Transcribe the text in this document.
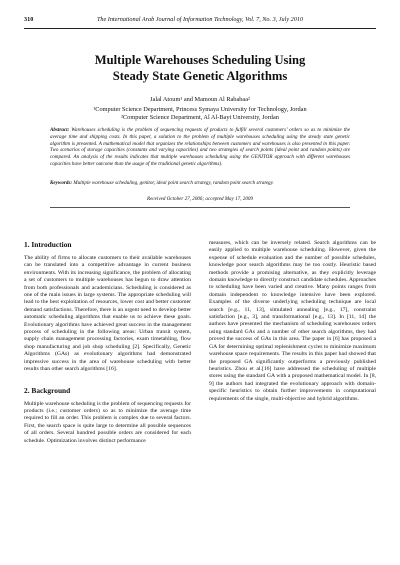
310	The International Arab Journal of Information Technology, Vol. 7, No. 3, July 2010
Multiple Warehouses Scheduling Using
Steady State Genetic Algorithms
Jalal Atoum¹ and Mamoun Al Rababaa²
¹Computer Science Department, Princess Symaya University for Technology, Jordan
²Computer Science Department, Al Al-Bayt University, Jordan
Abstract: Warehouses scheduling is the problem of sequencing requests of products to fulfill several customers’ orders so as to minimize the average time and shipping costs. In this paper, a solution to the problem of multiple warehouses scheduling using the steady state genetic algorithm is presented. A mathematical model that organizes the relationships between customers and warehouses is also presented in this paper. Two scenarios of storage capacities (constants and varying capacities) and two strategies of search points (ideal point and random points) are compared. An analysis of the results indicates that multiple warehouses scheduling using the GENITOR approach with different warehouses capacities have better outcome than the usage of the traditional genetic algorithms).
Keywords: Multiple warehouse scheduling, genitor, ideal point search strategy, random point search strategy.
Received October 27, 2006; accepted May 17, 2009
1. Introduction
The ability of firms to allocate customers to their available warehouses can be translated into a competitive advantage in current business environments. With its increasing significance, the problem of allocating a set of customers to multiple warehouses has begun to draw attention from both professionals and academicians. Scheduling is considered as one of the main issues in large systems. The appropriate scheduling will lead to the best exploitation of resources, lower cost and better customer demand satisfactions. Therefore, there is an urgent need to develop better automatic scheduling algorithms that enable us to achieve these goals. Evolutionary algorithms have achieved great success in the management process of scheduling in the following areas: Urban transit system, supply chain management processing factories, exam timetabling, flow shop manufacturing and job shop scheduling [2]. Specifically, Genetic Algorithms (GAs) as evolutionary algorithms had demonstrated impressive success in the area of warehouse scheduling with better results than other search algorithms [16].
2. Background
Multiple warehouse scheduling is the problem of sequencing requests for products (i.e.; customer orders) so as to minimize the average time required to fill an order. This problem is complex due to several factors. First, the search space is quite large to determine all possible sequences of all orders. Several hundred possible orders are considered for each schedule. Optimization involves distinct performance
measures, which can be inversely related. Search algorithms can be easily applied to multiple warehouse scheduling. However, given the expense of schedule evaluation and the number of possible schedules, knowledge poor search algorithms may be too costly. Heuristic based methods provide a promising alternative, as they explicitly leverage domain knowledge to directly construct candidate schedules. Approaches to scheduling have been varied and creative. Many points ranges from domain independent to knowledge intensive have been explored. Examples of the diverse underlying scheduling technique are local search [e.g., 11, 13], simulated annealing [e.g., 17], constraint satisfaction [e.g., 3], and transformational [e.g., 13]. In [11, 14] the authors have presented the mechanism of scheduling warehouses orders using standard GAs and a number of other search algorithms, they had proved the success of GAs in this area. The paper in [6] has proposed a GA for determining optimal replenishment cycles to minimize maximum warehouse space requirements. The results in this paper had showed that the proposed GA significantly outperforms a previously published heuristics. Zhou et al.[16] have addressed the scheduling of multiple stores using the standard GA with a proposed mathematical model. In [8, 9] the authors had integrated the evolutionary approach with domain-specific heuristics to obtain further improvements in computational requirements of the single, multi-objective and hybrid algorithms.
